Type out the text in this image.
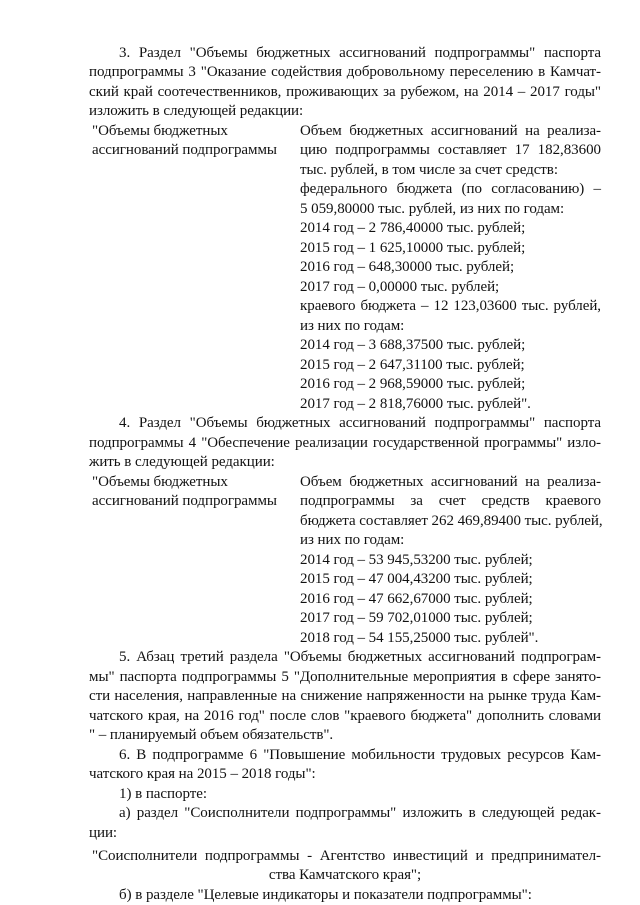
3. Раздел "Объемы бюджетных ассигнований подпрограммы" паспорта
подпрограммы 3 "Оказание содействия добровольному переселению в Камчат-
ский край соотечественников, проживающих за рубежом, на 2014 – 2017 годы"
изложить в следующей редакции:
"Объемы бюджетных
ассигнований подпрограммы
Объем бюджетных ассигнований на реализа-
цию подпрограммы составляет 17 182,83600
тыс. рублей, в том числе за счет средств:
федерального бюджета (по согласованию) –
5 059,80000 тыс. рублей, из них по годам:
2014 год – 2 786,40000 тыс. рублей;
2015 год – 1 625,10000 тыс. рублей;
2016 год – 648,30000 тыс. рублей;
2017 год – 0,00000 тыс. рублей;
краевого бюджета – 12 123,03600 тыс. рублей,
из них по годам:
2014 год – 3 688,37500 тыс. рублей;
2015 год – 2 647,31100 тыс. рублей;
2016 год – 2 968,59000 тыс. рублей;
2017 год – 2 818,76000 тыс. рублей".
4. Раздел "Объемы бюджетных ассигнований подпрограммы" паспорта
подпрограммы 4 "Обеспечение реализации государственной программы" изло-
жить в следующей редакции:
"Объемы бюджетных
ассигнований подпрограммы
Объем бюджетных ассигнований на реализа-
подпрограммы за счет средств краевого
бюджета составляет 262 469,89400 тыс. рублей,
из них по годам:
2014 год – 53 945,53200 тыс. рублей;
2015 год – 47 004,43200 тыс. рублей;
2016 год – 47 662,67000 тыс. рублей;
2017 год – 59 702,01000 тыс. рублей;
2018 год – 54 155,25000 тыс. рублей".
5. Абзац третий раздела "Объемы бюджетных ассигнований подпрограм-
мы" паспорта подпрограммы 5 "Дополнительные мероприятия в сфере занято-
сти населения, направленные на снижение напряженности на рынке труда Кам-
чатского края, на 2016 год" после слов "краевого бюджета" дополнить словами
" – планируемый объем обязательств".
6. В подпрограмме 6 "Повышение мобильности трудовых ресурсов Кам-
чатского края на 2015 – 2018 годы":
1) в паспорте:
а) раздел "Соисполнители подпрограммы" изложить в следующей редак-
ции:
"Соисполнители подпрограммы - Агентство инвестиций и предпринимател-
ства Камчатского края";
б) в разделе "Целевые индикаторы и показатели подпрограммы":
